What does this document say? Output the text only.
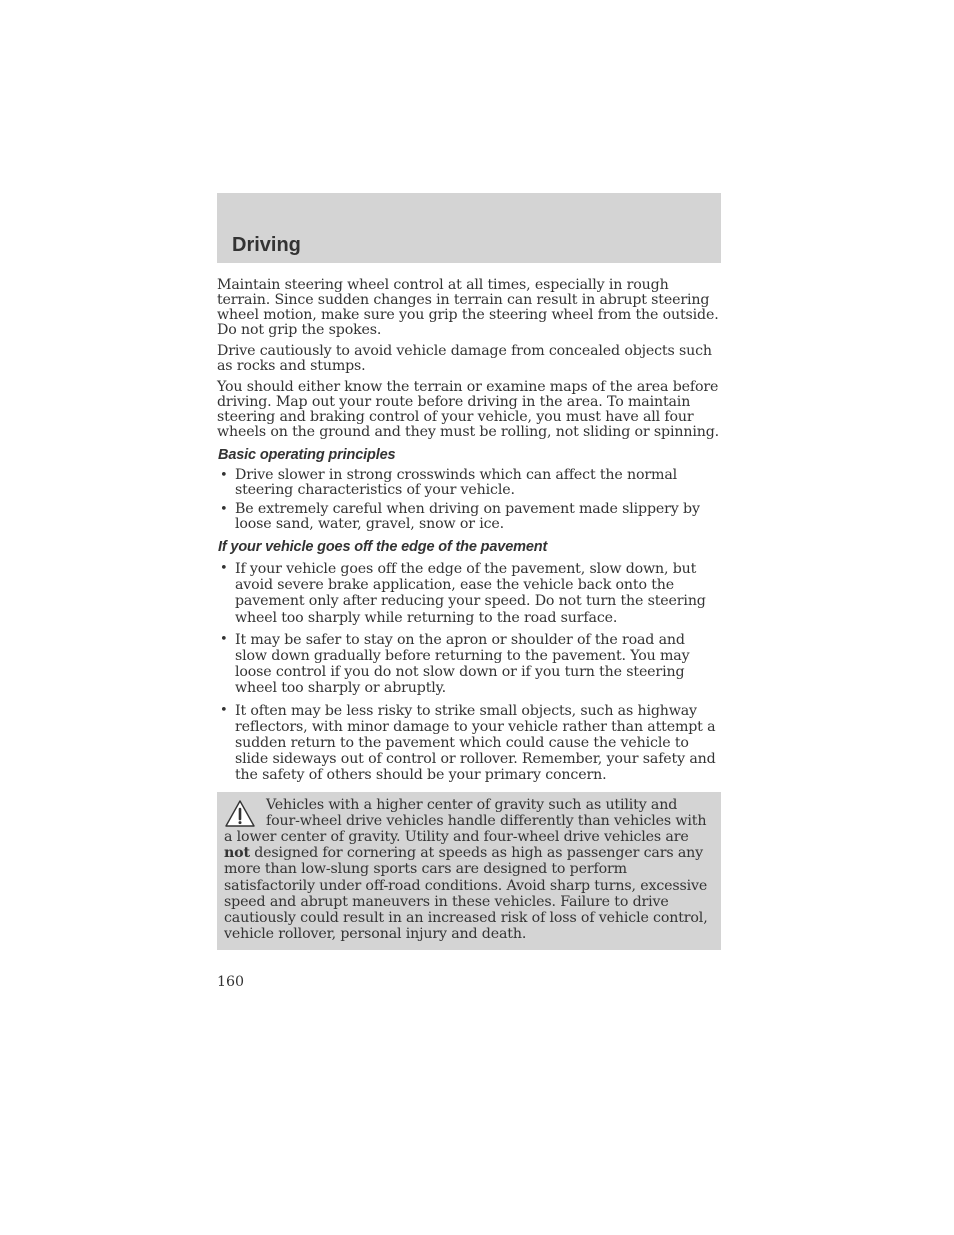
Driving

Maintain steering wheel control at all times, especially in rough terrain. Since sudden changes in terrain can result in abrupt steering wheel motion, make sure you grip the steering wheel from the outside. Do not grip the spokes.

Drive cautiously to avoid vehicle damage from concealed objects such as rocks and stumps.

You should either know the terrain or examine maps of the area before driving. Map out your route before driving in the area. To maintain steering and braking control of your vehicle, you must have all four wheels on the ground and they must be rolling, not sliding or spinning.

Basic operating principles
• Drive slower in strong crosswinds which can affect the normal steering characteristics of your vehicle.
• Be extremely careful when driving on pavement made slippery by loose sand, water, gravel, snow or ice.
If your vehicle goes off the edge of the pavement
• If your vehicle goes off the edge of the pavement, slow down, but avoid severe brake application, ease the vehicle back onto the pavement only after reducing your speed. Do not turn the steering wheel too sharply while returning to the road surface.
• It may be safer to stay on the apron or shoulder of the road and slow down gradually before returning to the pavement. You may loose control if you do not slow down or if you turn the steering wheel too sharply or abruptly.
• It often may be less risky to strike small objects, such as highway reflectors, with minor damage to your vehicle rather than attempt a sudden return to the pavement which could cause the vehicle to slide sideways out of control or rollover. Remember, your safety and the safety of others should be your primary concern.
Vehicles with a higher center of gravity such as utility and four-wheel drive vehicles handle differently than vehicles with a lower center of gravity. Utility and four-wheel drive vehicles are not designed for cornering at speeds as high as passenger cars any more than low-slung sports cars are designed to perform satisfactorily under off-road conditions. Avoid sharp turns, excessive speed and abrupt maneuvers in these vehicles. Failure to drive cautiously could result in an increased risk of loss of vehicle control, vehicle rollover, personal injury and death.
160
